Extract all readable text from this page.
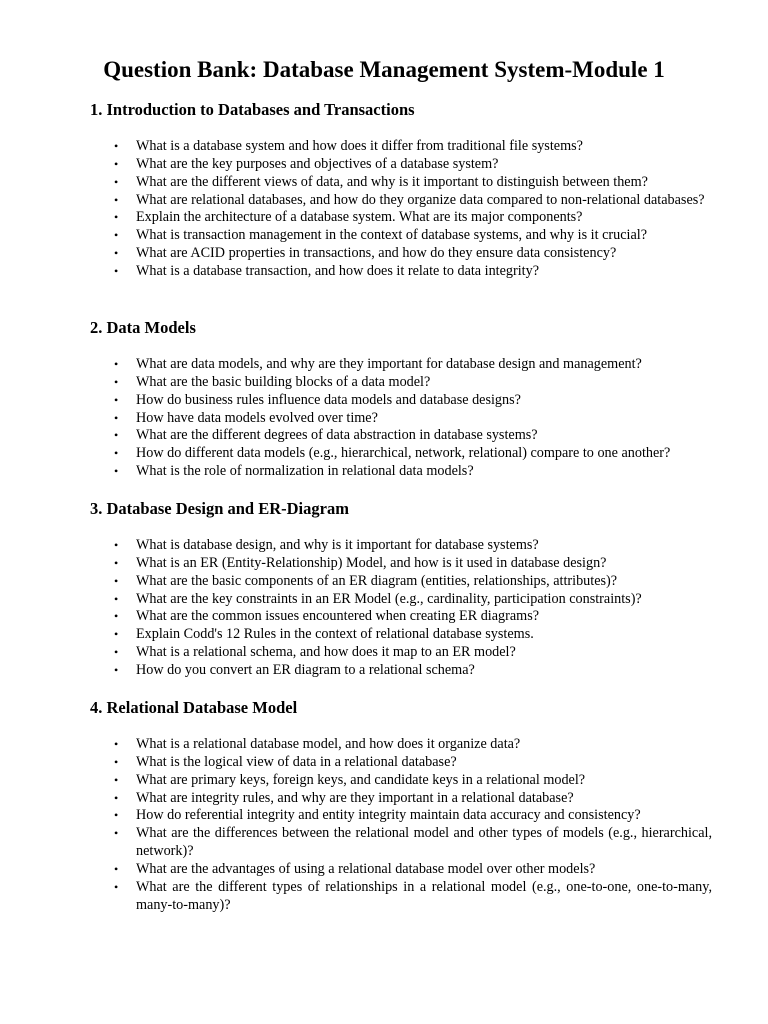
Question Bank: Database Management System-Module 1
1. Introduction to Databases and Transactions
• What is a database system and how does it differ from traditional file systems?
• What are the key purposes and objectives of a database system?
• What are the different views of data, and why is it important to distinguish between them?
• What are relational databases, and how do they organize data compared to non-relational databases?
• Explain the architecture of a database system. What are its major components?
• What is transaction management in the context of database systems, and why is it crucial?
• What are ACID properties in transactions, and how do they ensure data consistency?
• What is a database transaction, and how does it relate to data integrity?
2. Data Models
• What are data models, and why are they important for database design and management?
• What are the basic building blocks of a data model?
• How do business rules influence data models and database designs?
• How have data models evolved over time?
• What are the different degrees of data abstraction in database systems?
• How do different data models (e.g., hierarchical, network, relational) compare to one another?
• What is the role of normalization in relational data models?
3. Database Design and ER-Diagram
• What is database design, and why is it important for database systems?
• What is an ER (Entity-Relationship) Model, and how is it used in database design?
• What are the basic components of an ER diagram (entities, relationships, attributes)?
• What are the key constraints in an ER Model (e.g., cardinality, participation constraints)?
• What are the common issues encountered when creating ER diagrams?
• Explain Codd's 12 Rules in the context of relational database systems.
• What is a relational schema, and how does it map to an ER model?
• How do you convert an ER diagram to a relational schema?
4. Relational Database Model
• What is a relational database model, and how does it organize data?
• What is the logical view of data in a relational database?
• What are primary keys, foreign keys, and candidate keys in a relational model?
• What are integrity rules, and why are they important in a relational database?
• How do referential integrity and entity integrity maintain data accuracy and consistency?
• What are the differences between the relational model and other types of models (e.g., hierarchical, network)?
• What are the advantages of using a relational database model over other models?
• What are the different types of relationships in a relational model (e.g., one-to-one, one-to-many, many-to-many)?
